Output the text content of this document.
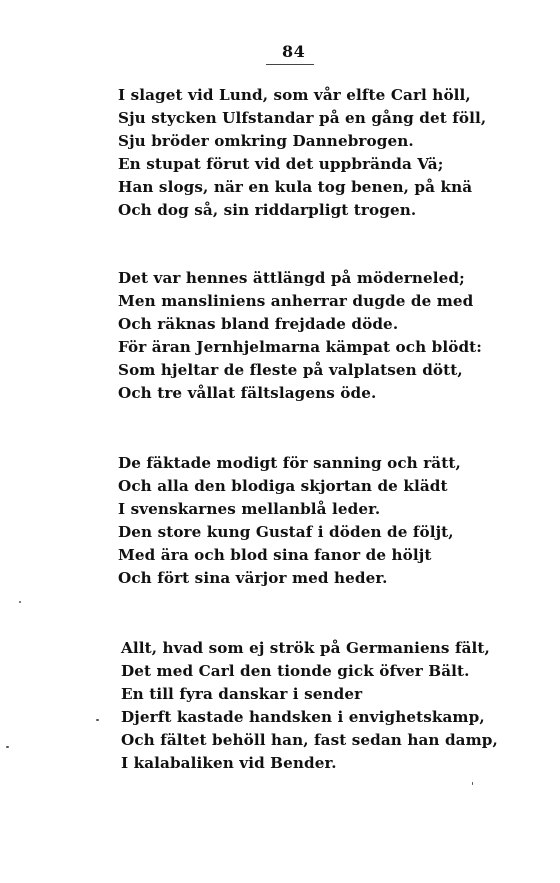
84
I slaget vid Lund, som vår elfte Carl höll,
Sju stycken Ulfstandar på en gång det föll,
Sju bröder omkring Dannebrogen.
En stupat förut vid det uppbrända Vä;
Han slogs, när en kula tog benen, på knä
Och dog så, sin riddarpligt trogen.
Det var hennes ättlängd på möderneled;
Men mansliniens anherrar dugde de med
Och räknas bland frejdade döde.
För äran Jernhjelmarna kämpat och blödt:
Som hjeltar de fleste på valplatsen dött,
Och tre vållat fältslagens öde.
De fäktade modigt för sanning och rätt,
Och alla den blodiga skjortan de klädt
I svenskarnes mellanblå leder.
Den store kung Gustaf i döden de följt,
Med ära och blod sina fanor de höljt
Och fört sina värjor med heder.
Allt, hvad som ej strök på Germaniens fält,
Det med Carl den tionde gick öfver Bält.
En till fyra danskar i sender
Djerft kastade handsken i envighetskamp,
Och fältet behöll han, fast sedan han damp,
I kalabaliken vid Bender.
